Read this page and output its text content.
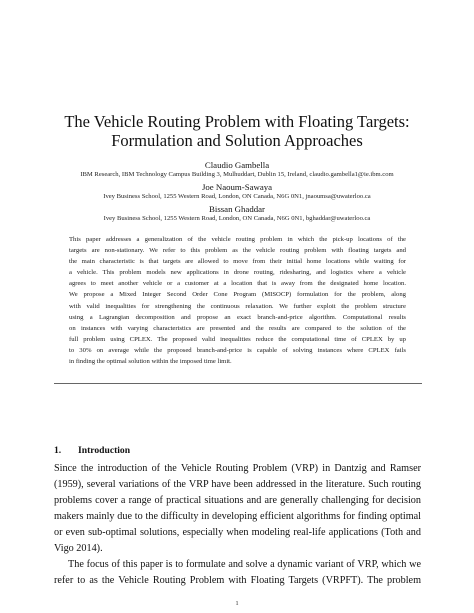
The Vehicle Routing Problem with Floating Targets:
Formulation and Solution Approaches
Claudio Gambella
IBM Research, IBM Technology Campus Building 3, Mulhuddart, Dublin 15, Ireland, claudio.gambella1@ie.ibm.com
Joe Naoum-Sawaya
Ivey Business School, 1255 Western Road, London, ON Canada, N6G 0N1, jnaoumsa@uwaterloo.ca
Bissan Ghaddar
Ivey Business School, 1255 Western Road, London, ON Canada, N6G 0N1, bghaddar@uwaterloo.ca
This paper addresses a generalization of the vehicle routing problem in which the pick-up locations of the
targets are non-stationary. We refer to this problem as the vehicle routing problem with floating targets and
the main characteristic is that targets are allowed to move from their initial home locations while waiting for
a vehicle. This problem models new applications in drone routing, ridesharing, and logistics where a vehicle
agrees to meet another vehicle or a customer at a location that is away from the designated home location.
We propose a Mixed Integer Second Order Cone Program (MISOCP) formulation for the problem, along
with valid inequalities for strengthening the continuous relaxation. We further exploit the problem structure
using a Lagrangian decomposition and propose an exact branch-and-price algorithm. Computational results
on instances with varying characteristics are presented and the results are compared to the solution of the
full problem using CPLEX. The proposed valid inequalities reduce the computational time of CPLEX by up
to 30% on average while the proposed branch-and-price is capable of solving instances where CPLEX fails
in finding the optimal solution within the imposed time limit.
1. Introduction
Since the introduction of the Vehicle Routing Problem (VRP) in Dantzig and Ramser
(1959), several variations of the VRP have been addressed in the literature. Such routing
problems cover a range of practical situations and are generally challenging for decision
makers mainly due to the difficulty in developing efficient algorithms for finding optimal
or even sub-optimal solutions, especially when modeling real-life applications (Toth and
Vigo 2014).
The focus of this paper is to formulate and solve a dynamic variant of VRP, which we
refer to as the Vehicle Routing Problem with Floating Targets (VRPFT). The problem
1
